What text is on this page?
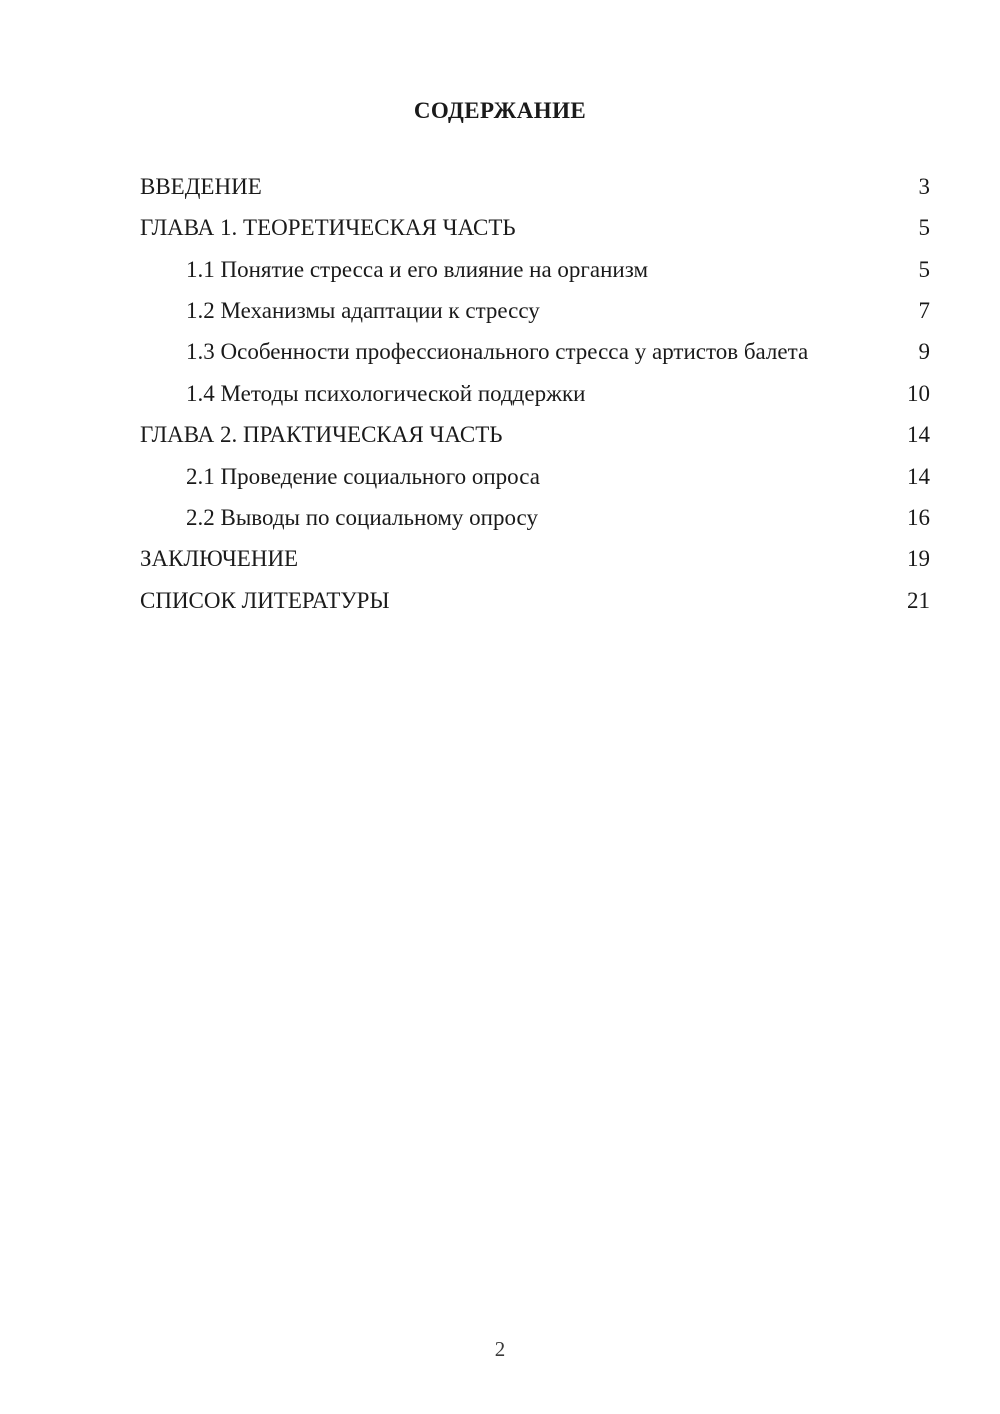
СОДЕРЖАНИЕ
ВВЕДЕНИЕ	3
ГЛАВА 1. ТЕОРЕТИЧЕСКАЯ ЧАСТЬ	5
1.1 Понятие стресса и его влияние на организм	5
1.2 Механизмы адаптации к стрессу	7
1.3 Особенности профессионального стресса у артистов балета	9
1.4 Методы психологической поддержки	10
ГЛАВА 2. ПРАКТИЧЕСКАЯ ЧАСТЬ	14
2.1 Проведение социального опроса	14
2.2 Выводы по социальному опросу	16
ЗАКЛЮЧЕНИЕ	19
СПИСОК ЛИТЕРАТУРЫ	21
2
